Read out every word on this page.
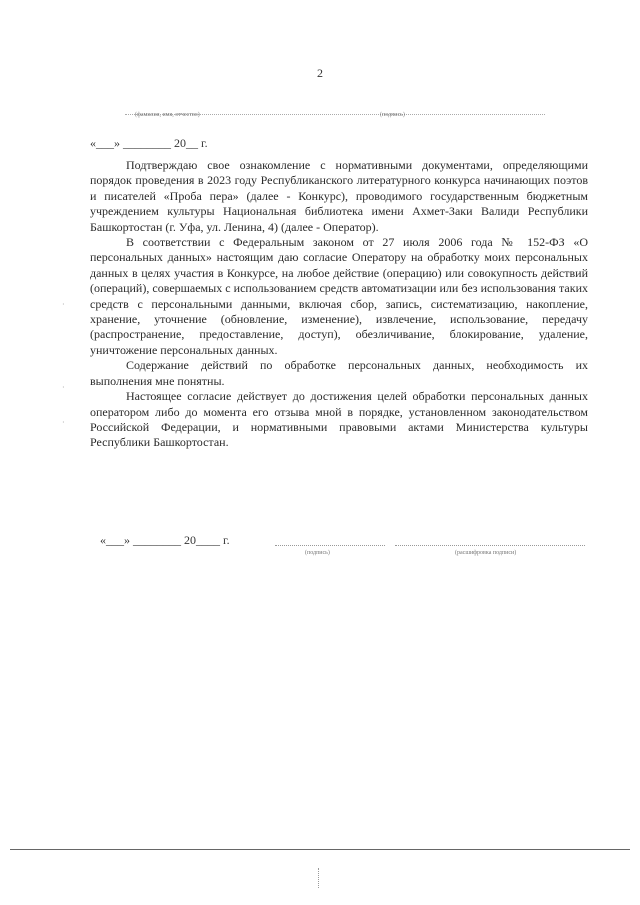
2
(фамилия, имя, отчество)	(подпись)
«___» ________ 20__ г.

Подтверждаю свое ознакомление с нормативными документами, определяющими порядок проведения в 2023 году Республиканского литературного конкурса начинающих поэтов и писателей «Проба пера» (далее - Конкурс), проводимого государственным бюджетным учреждением культуры Национальная библиотека имени Ахмет-Заки Валиди Республики Башкортостан (г. Уфа, ул. Ленина, 4) (далее - Оператор).

В соответствии с Федеральным законом от 27 июля 2006 года № 152-ФЗ «О персональных данных» настоящим даю согласие Оператору на обработку моих персональных данных в целях участия в Конкурсе, на любое действие (операцию) или совокупность действий (операций), совершаемых с использованием средств автоматизации или без использования таких средств с персональными данными, включая сбор, запись, систематизацию, накопление, хранение, уточнение (обновление, изменение), извлечение, использование, передачу (распространение, предоставление, доступ), обезличивание, блокирование, удаление, уничтожение персональных данных.

Содержание действий по обработке персональных данных, необходимость их выполнения мне понятны.

Настоящее согласие действует до достижения целей обработки персональных данных оператором либо до момента его отзыва мной в порядке, установленном законодательством Российской Федерации, и нормативными правовыми актами Министерства культуры Республики Башкортостан.

·
·
·
«___» ________ 20____ г.
(подпись)	(расшифровка подписи)
